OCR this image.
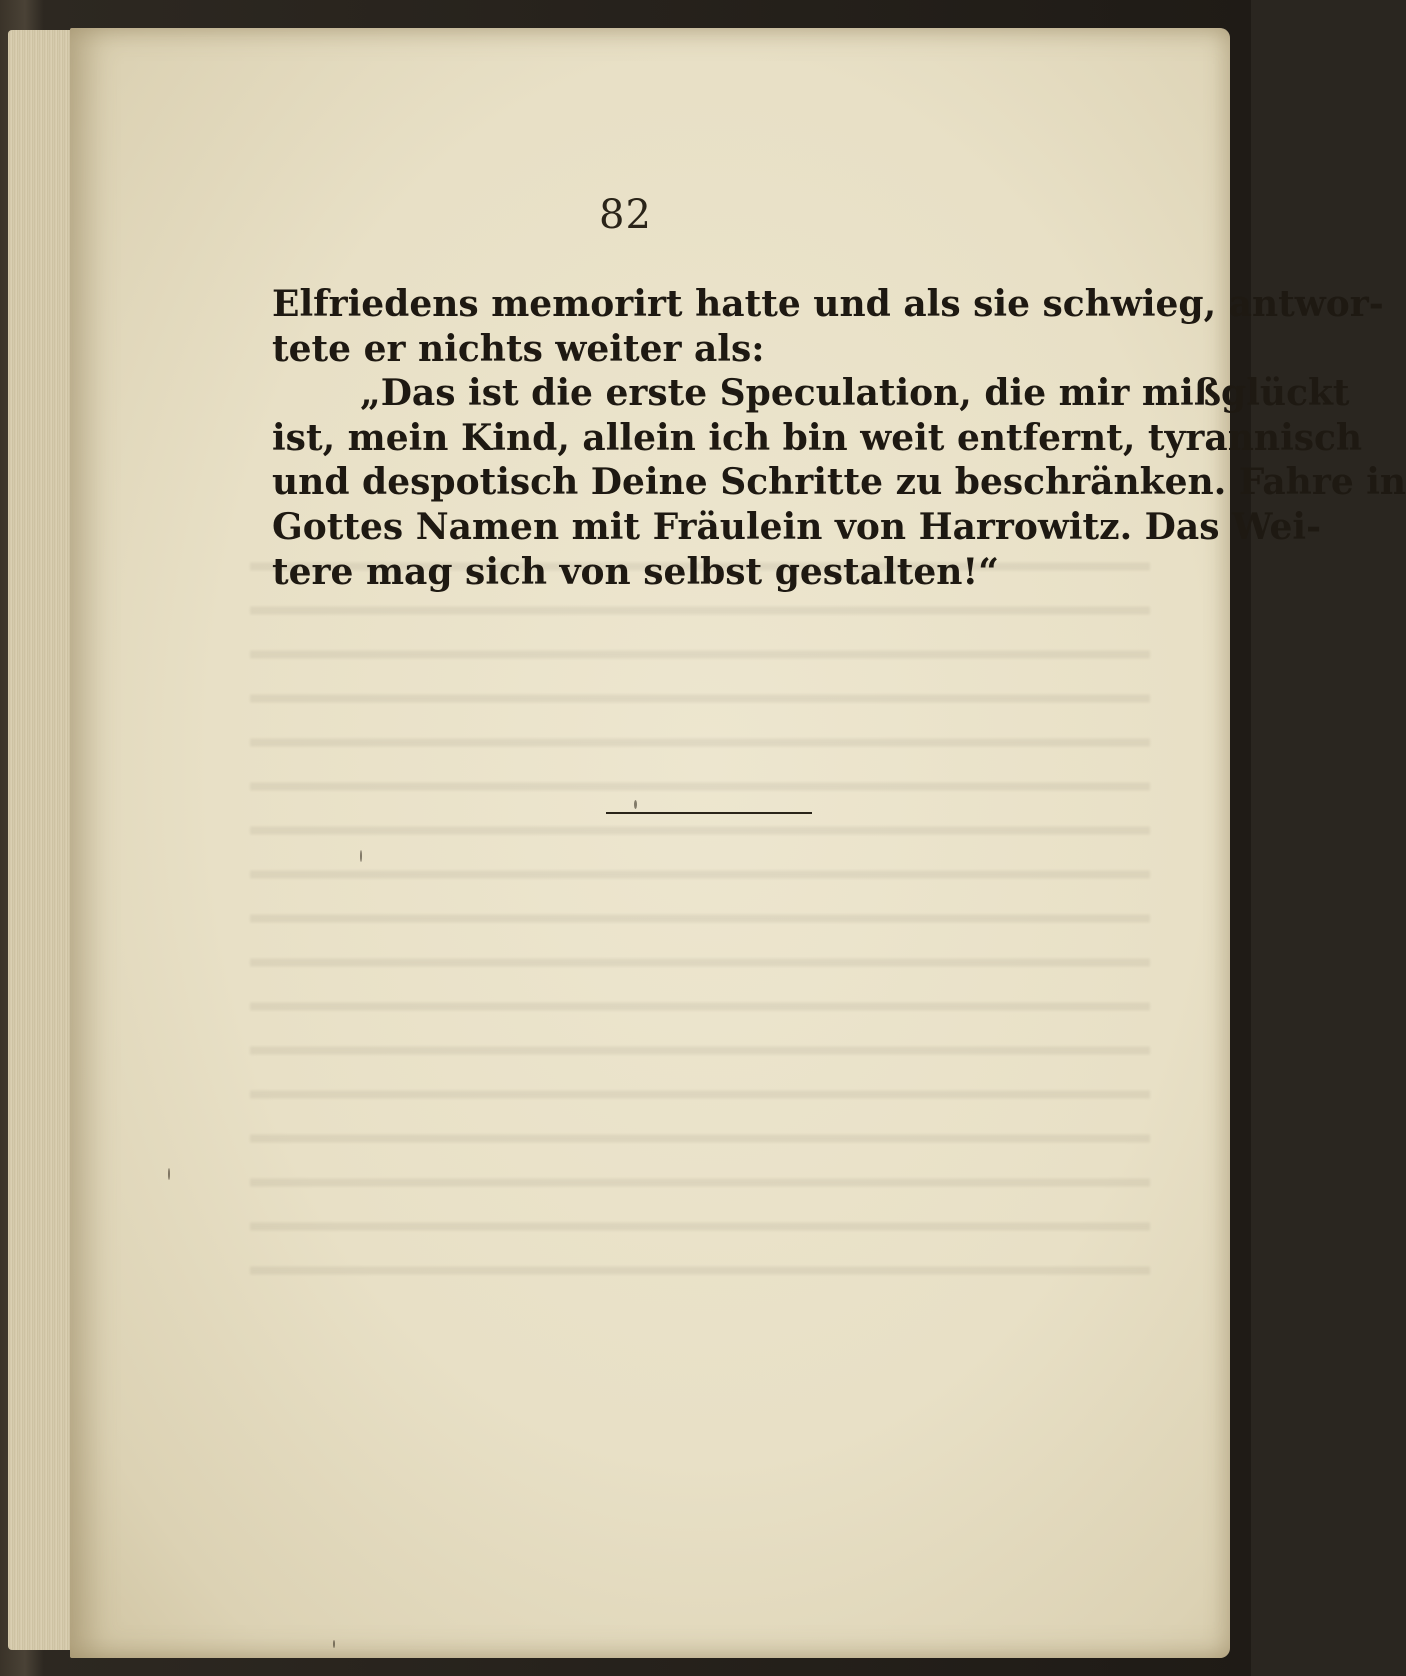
82
Elfriedens memorirt hatte und als sie schwieg, antwor-
tete er nichts weiter als:
„Das ist die erste Speculation, die mir mißglückt
ist, mein Kind, allein ich bin weit entfernt, tyrannisch
und despotisch Deine Schritte zu beschränken. Fahre in
Gottes Namen mit Fräulein von Harrowitz. Das Wei-
tere mag sich von selbst gestalten!“
